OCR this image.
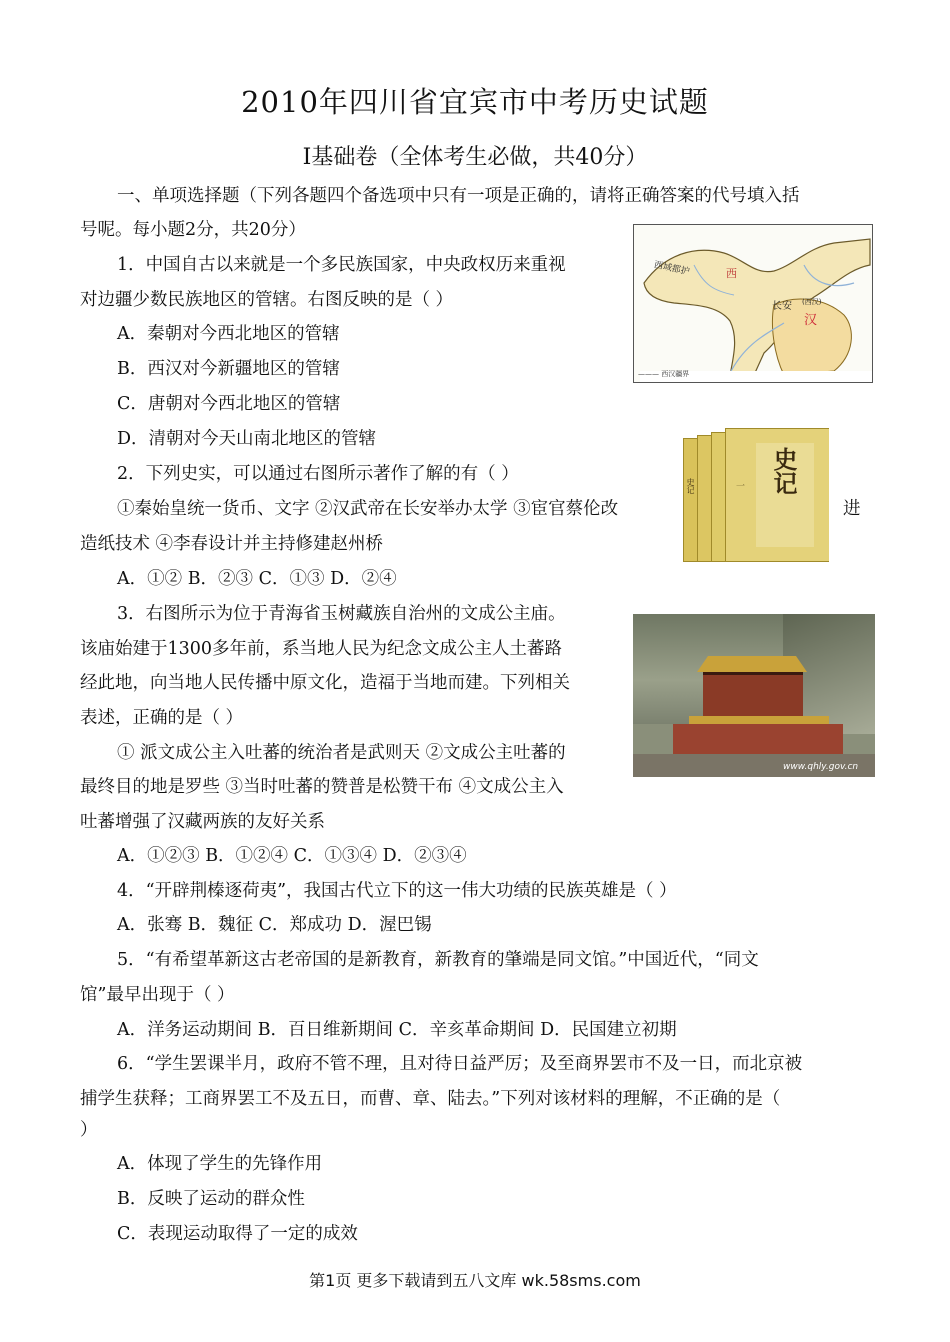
2010年四川省宜宾市中考历史试题
I基础卷（全体考生必做，共40分）
一、单项选择题（下列各题四个备选项中只有一项是正确的，请将正确答案的代号填入括
号呢。每小题2分，共20分）
1．中国自古以来就是一个多民族国家，中央政权历来重视
对边疆少数民族地区的管辖。右图反映的是（ ）
A．秦朝对今西北地区的管辖
B．西汉对今新疆地区的管辖
C．唐朝对今西北地区的管辖
D．清朝对今天山南北地区的管辖
西域都护	西
长安 (西汉)
汉
——— 西汉疆界
2．下列史实，可以通过右图所示著作了解的有（ ）
①秦始皇统一货币、文字 ②汉武帝在长安举办太学 ③宦官蔡伦改	进
造纸技术 ④李春设计并主持修建赵州桥
A．①② B．②③ C．①③ D．②④
史记
一
史记
3．右图所示为位于青海省玉树藏族自治州的文成公主庙。
该庙始建于1300多年前，系当地人民为纪念文成公主人土蕃路
经此地，向当地人民传播中原文化，造福于当地而建。下列相关
表述，正确的是（ ）
① 派文成公主入吐蕃的统治者是武则天 ②文成公主吐蕃的
最终目的地是罗些 ③当时吐蕃的赞普是松赞干布 ④文成公主入
吐蕃增强了汉藏两族的友好关系
A．①②③ B．①②④ C．①③④ D．②③④
www.qhly.gov.cn
4．“开辟荆榛逐荷夷”，我国古代立下的这一伟大功绩的民族英雄是（ ）
A．张骞 B．魏征 C．郑成功 D．渥巴锡
5．“有希望革新这古老帝国的是新教育，新教育的肇端是同文馆。”中国近代，“同文
馆”最早出现于（ ）
A．洋务运动期间 B．百日维新期间 C．辛亥革命期间 D．民国建立初期
6．“学生罢课半月，政府不管不理，且对待日益严厉；及至商界罢市不及一日，而北京被
捕学生获释；工商界罢工不及五日，而曹、章、陆去。”下列对该材料的理解，不正确的是（
）
A．体现了学生的先锋作用
B．反映了运动的群众性
C．表现运动取得了一定的成效
第1页 更多下载请到五八文库 wk.58sms.com
